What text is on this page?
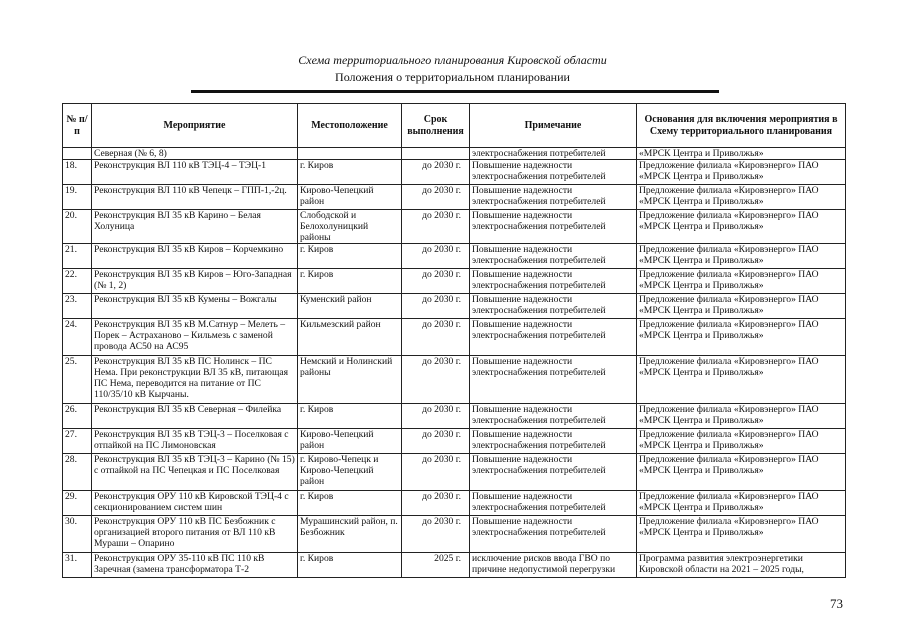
Схема территориального планирования Кировской области
Положения о территориальном планировании
№ п/п	Мероприятие	Местоположение	Срок выполнения	Примечание	Основания для включения мероприятия в Схему территориального планирования
	Северная (№ 6, 8)			электроснабжения потребителей	«МРСК Центра и Приволжья»
18.	Реконструкция ВЛ 110 кВ ТЭЦ-4 – ТЭЦ-1	г. Киров	до 2030 г.	Повышение надежности электроснабжения потребителей	Предложение филиала «Кировэнерго» ПАО «МРСК Центра и Приволжья»
19.	Реконструкция ВЛ 110 кВ Чепецк – ГПП-1,-2ц.	Кирово-Чепецкий район	до 2030 г.	Повышение надежности электроснабжения потребителей	Предложение филиала «Кировэнерго» ПАО «МРСК Центра и Приволжья»
20.	Реконструкция ВЛ 35 кВ Карино – Белая Холуница	Слободской и Белохолуницкий районы	до 2030 г.	Повышение надежности электроснабжения потребителей	Предложение филиала «Кировэнерго» ПАО «МРСК Центра и Приволжья»
21.	Реконструкция ВЛ 35 кВ Киров – Корчемкино	г. Киров	до 2030 г.	Повышение надежности электроснабжения потребителей	Предложение филиала «Кировэнерго» ПАО «МРСК Центра и Приволжья»
22.	Реконструкция ВЛ 35 кВ Киров – Юго-Западная (№ 1, 2)	г. Киров	до 2030 г.	Повышение надежности электроснабжения потребителей	Предложение филиала «Кировэнерго» ПАО «МРСК Центра и Приволжья»
23.	Реконструкция ВЛ 35 кВ Кумены – Вожгалы	Куменский район	до 2030 г.	Повышение надежности электроснабжения потребителей	Предложение филиала «Кировэнерго» ПАО «МРСК Центра и Приволжья»
24.	Реконструкция ВЛ 35 кВ М.Сатнур – Мелеть – Порек – Астраханово – Кильмезь с заменой провода АС50 на АС95	Кильмезский район	до 2030 г.	Повышение надежности электроснабжения потребителей	Предложение филиала «Кировэнерго» ПАО «МРСК Центра и Приволжья»
25.	Реконструкция ВЛ 35 кВ ПС Нолинск – ПС Нема. При реконструкции ВЛ 35 кВ, питающая ПС Нема, переводится на питание от ПС 110/35/10 кВ Кырчаны.	Немский и Нолинский районы	до 2030 г.	Повышение надежности электроснабжения потребителей	Предложение филиала «Кировэнерго» ПАО «МРСК Центра и Приволжья»
26.	Реконструкция ВЛ 35 кВ Северная – Филейка	г. Киров	до 2030 г.	Повышение надежности электроснабжения потребителей	Предложение филиала «Кировэнерго» ПАО «МРСК Центра и Приволжья»
27.	Реконструкция ВЛ 35 кВ ТЭЦ-3 – Поселковая с отпайкой на ПС Лимоновская	Кирово-Чепецкий район	до 2030 г.	Повышение надежности электроснабжения потребителей	Предложение филиала «Кировэнерго» ПАО «МРСК Центра и Приволжья»
28.	Реконструкция ВЛ 35 кВ ТЭЦ-3 – Карино (№ 15) с отпайкой на ПС Чепецкая и ПС Поселковая	г. Кирово-Чепецк и Кирово-Чепецкий район	до 2030 г.	Повышение надежности электроснабжения потребителей	Предложение филиала «Кировэнерго» ПАО «МРСК Центра и Приволжья»
29.	Реконструкция ОРУ 110 кВ Кировской ТЭЦ-4 с секционированием систем шин	г. Киров	до 2030 г.	Повышение надежности электроснабжения потребителей	Предложение филиала «Кировэнерго» ПАО «МРСК Центра и Приволжья»
30.	Реконструкция ОРУ 110 кВ ПС Безбожник с организацией второго питания от ВЛ 110 кВ Мураши – Опарино	Мурашинский район, п. Безбожник	до 2030 г.	Повышение надежности электроснабжения потребителей	Предложение филиала «Кировэнерго» ПАО «МРСК Центра и Приволжья»
31.	Реконструкция ОРУ 35-110 кВ ПС 110 кВ Заречная (замена трансформатора Т-2	г. Киров	2025 г.	исключение рисков ввода ГВО по причине недопустимой перегрузки	Программа развития электроэнергетики Кировской области на 2021 – 2025 годы,
73
